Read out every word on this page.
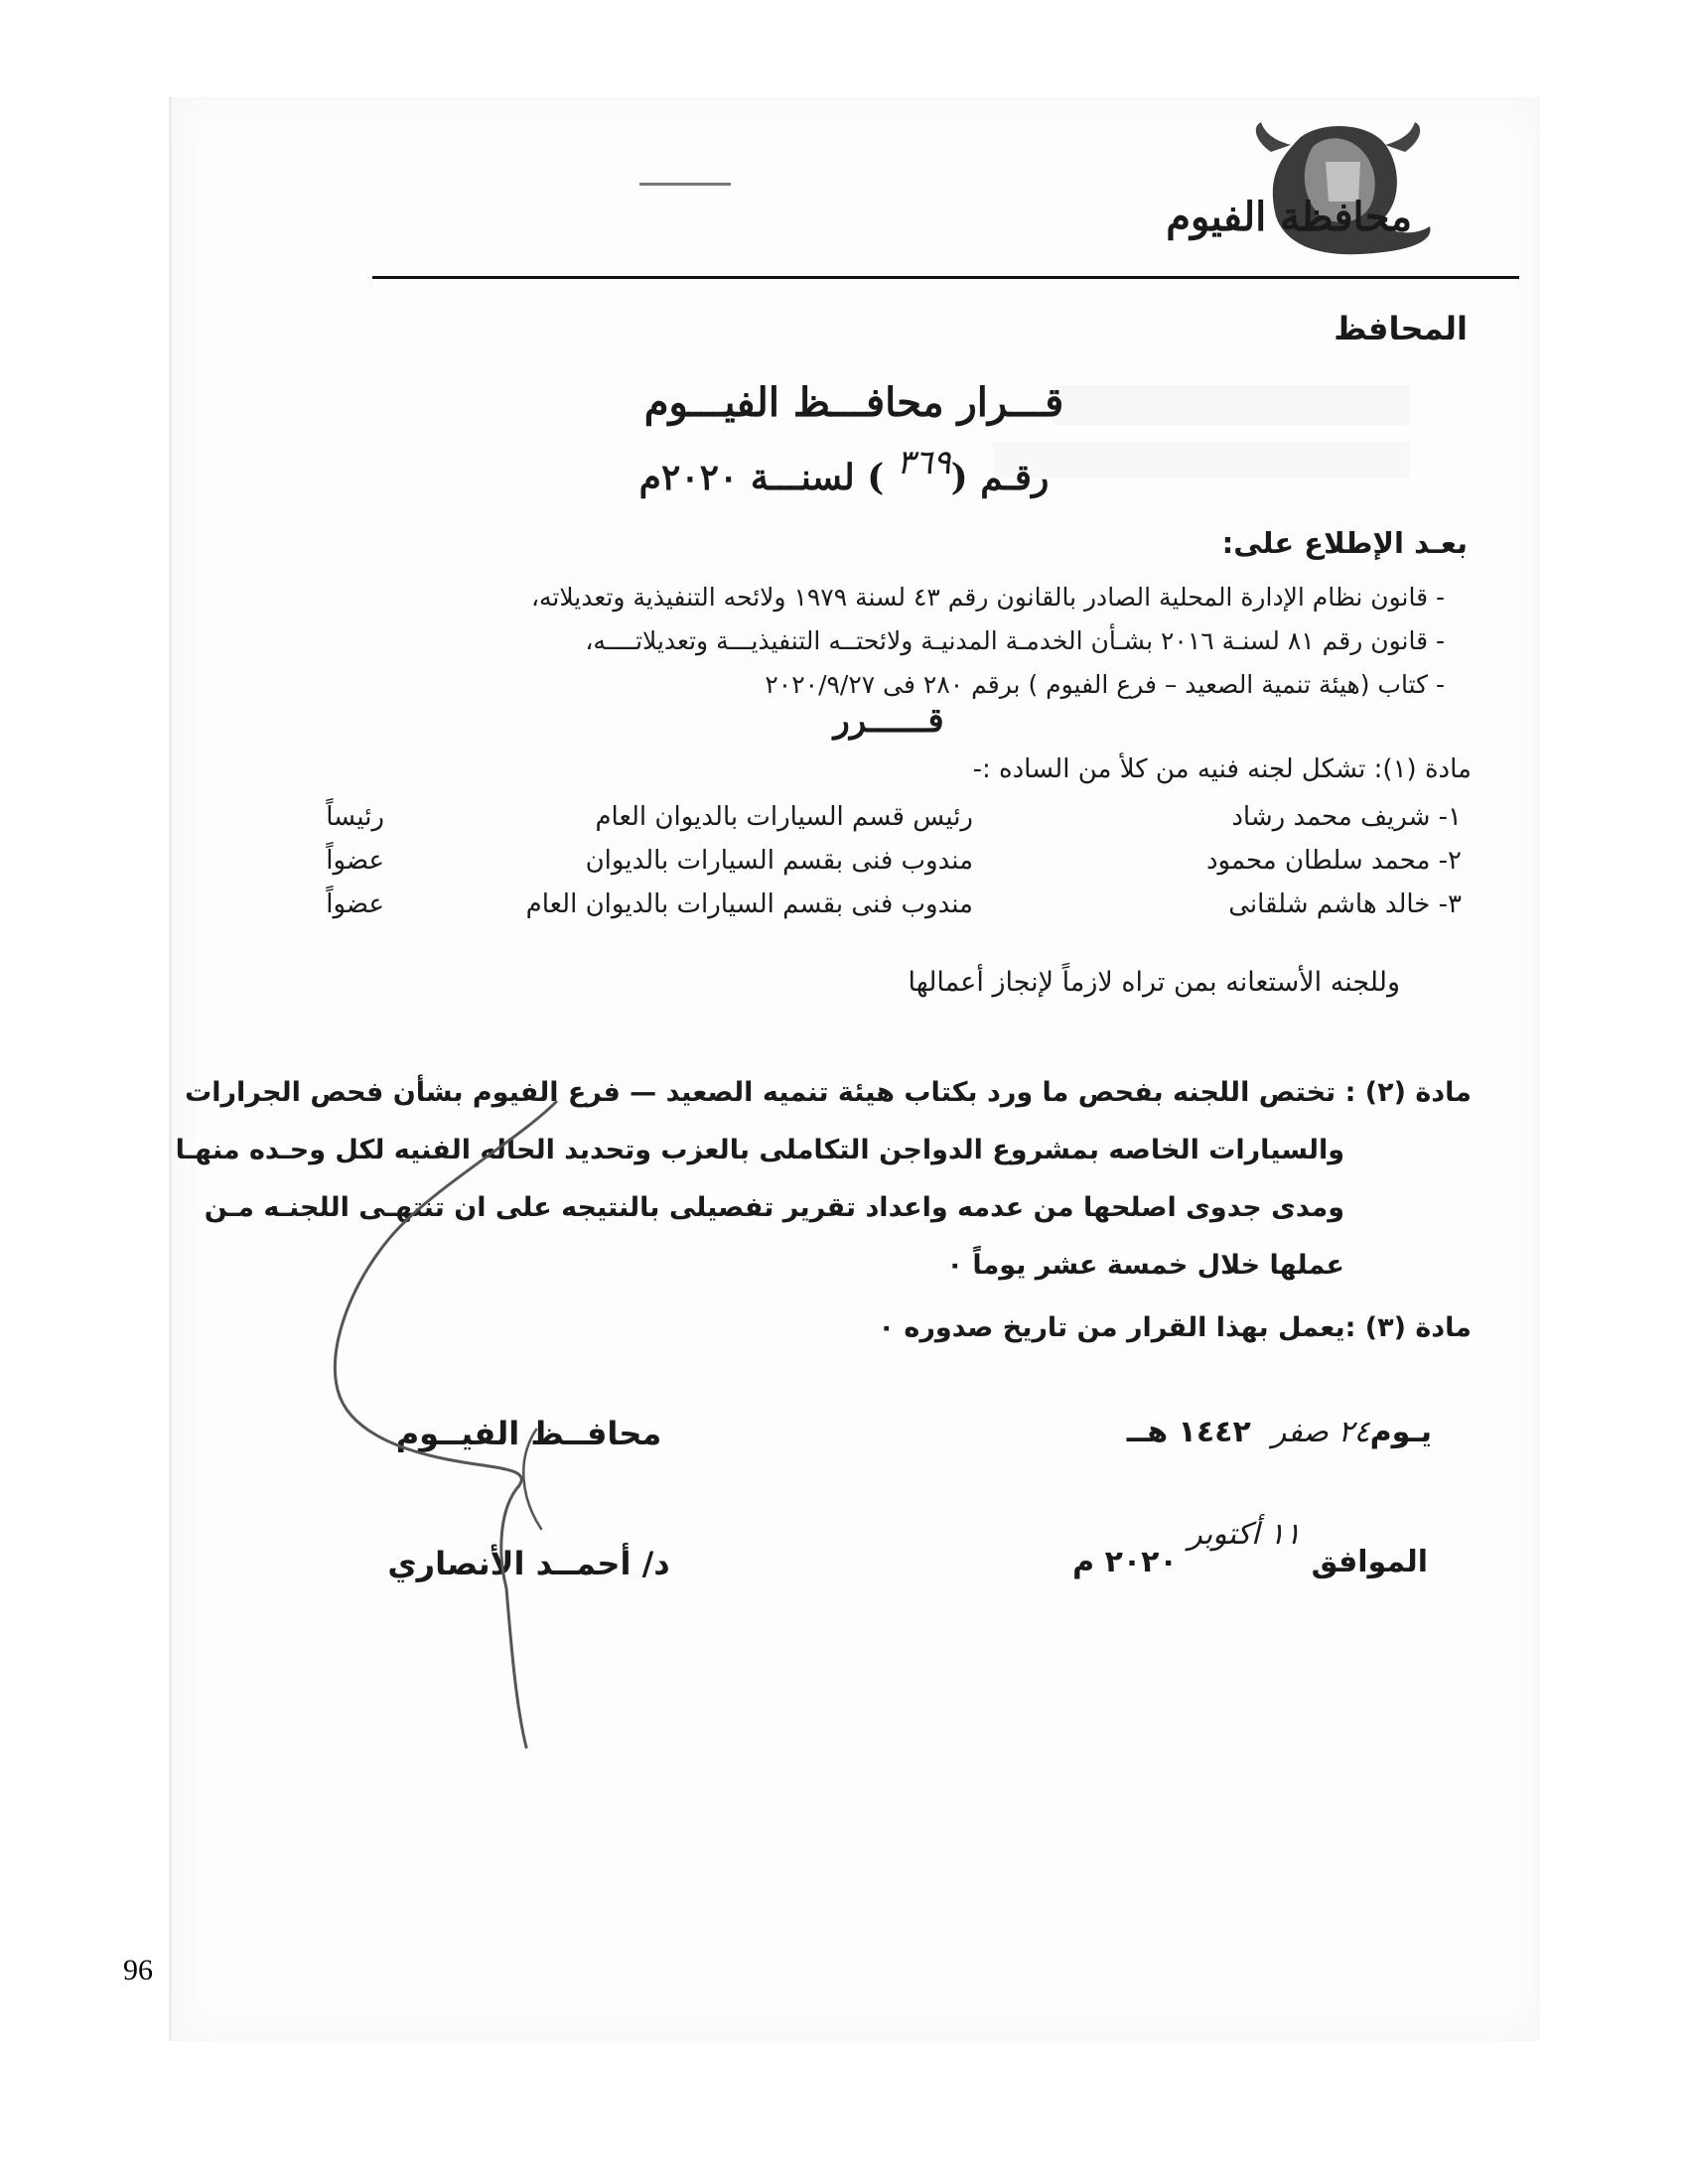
محافظة الفيوم
المحافظ
قـــرار محافـــظ الفيـــوم
رقـم (٣٦٩ ) لسنـــة ٢٠٢٠م
بعـد الإطلاع على:
- قانون نظام الإدارة المحلية الصادر بالقانون رقم ٤٣ لسنة ١٩٧٩ ولائحه التنفيذية وتعديلاته،
- قانون رقم ٨١ لسنـة ٢٠١٦ بشـأن الخدمـة المدنيـة ولائحتــه التنفيذيـــة وتعديلاتــــه،
- كتاب (هيئة تنمية الصعيد – فرع الفيوم ) برقم ٢٨٠ فى ٢٠٢٠/٩/٢٧
قــــــرر
مادة (١): تشكل لجنه فنيه من كلأ من الساده :-
١- شريف محمد رشاد
رئيس قسم السيارات بالديوان العام
رئيساً
٢- محمد سلطان محمود
مندوب فنى بقسم السيارات بالديوان
عضواً
٣- خالد هاشم شلقانى
مندوب فنى بقسم السيارات بالديوان العام
عضواً
وللجنه الأستعانه بمن تراه لازماً لإنجاز أعمالها
مادة (٢) : تختص اللجنه بفحص ما ورد بكتاب هيئة تنميه الصعيد — فرع الفيوم بشأن فحص الجرارات
والسيارات الخاصه بمشروع الدواجن التكاملى بالعزب وتحديد الحاله الفنيه لكل وحـده منهـا
ومدى جدوى اصلحها من عدمه واعداد تقرير تفصيلى بالنتيجه على ان تنتهـى اللجنـه مـن
عملها خلال خمسة عشر يوماً ٠
مادة (٣) :يعمل بهذا القرار من تاريخ صدوره ٠
يـوم٢٤ صفر  ١٤٤٢ هــ
الموافق ١١ أكتوبر ٢٠٢٠ م
محافــظ الفيــوم
د/ أحمــد الأنصاري
96
